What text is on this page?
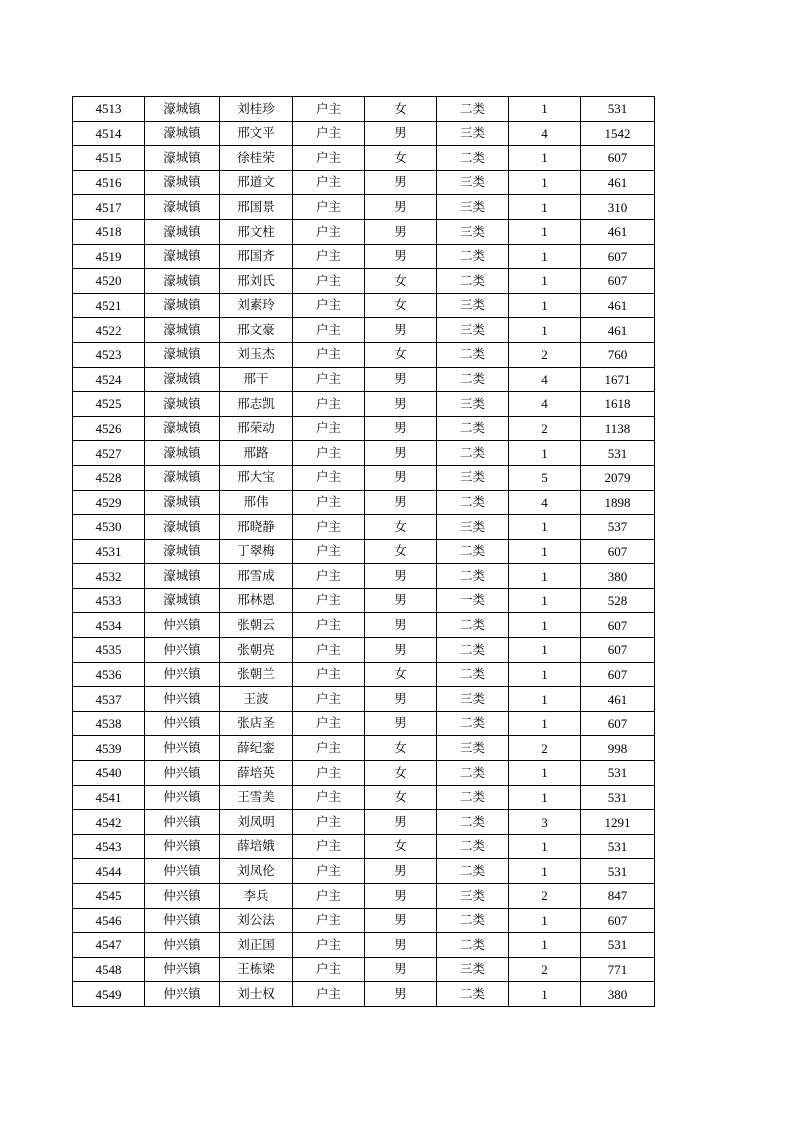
4513	濠城镇	刘桂珍	户主	女	二类	1	531
4514	濠城镇	邢文平	户主	男	三类	4	1542
4515	濠城镇	徐桂荣	户主	女	二类	1	607
4516	濠城镇	邢道文	户主	男	三类	1	461
4517	濠城镇	邢国景	户主	男	三类	1	310
4518	濠城镇	邢文柱	户主	男	三类	1	461
4519	濠城镇	邢国齐	户主	男	二类	1	607
4520	濠城镇	邢刘氏	户主	女	二类	1	607
4521	濠城镇	刘素玲	户主	女	三类	1	461
4522	濠城镇	邢文豪	户主	男	三类	1	461
4523	濠城镇	刘玉杰	户主	女	二类	2	760
4524	濠城镇	邢干	户主	男	二类	4	1671
4525	濠城镇	邢志凯	户主	男	三类	4	1618
4526	濠城镇	邢荣动	户主	男	二类	2	1138
4527	濠城镇	邢路	户主	男	二类	1	531
4528	濠城镇	邢大宝	户主	男	三类	5	2079
4529	濠城镇	邢伟	户主	男	二类	4	1898
4530	濠城镇	邢晓静	户主	女	三类	1	537
4531	濠城镇	丁翠梅	户主	女	二类	1	607
4532	濠城镇	邢雪成	户主	男	二类	1	380
4533	濠城镇	邢林恩	户主	男	一类	1	528
4534	仲兴镇	张朝云	户主	男	二类	1	607
4535	仲兴镇	张朝亮	户主	男	二类	1	607
4536	仲兴镇	张朝兰	户主	女	二类	1	607
4537	仲兴镇	王波	户主	男	三类	1	461
4538	仲兴镇	张店圣	户主	男	二类	1	607
4539	仲兴镇	薛纪銮	户主	女	三类	2	998
4540	仲兴镇	薛培英	户主	女	二类	1	531
4541	仲兴镇	王雪美	户主	女	二类	1	531
4542	仲兴镇	刘凤明	户主	男	二类	3	1291
4543	仲兴镇	薛培娥	户主	女	二类	1	531
4544	仲兴镇	刘凤伦	户主	男	二类	1	531
4545	仲兴镇	李兵	户主	男	三类	2	847
4546	仲兴镇	刘公法	户主	男	二类	1	607
4547	仲兴镇	刘正国	户主	男	二类	1	531
4548	仲兴镇	王栋梁	户主	男	三类	2	771
4549	仲兴镇	刘士权	户主	男	二类	1	380
